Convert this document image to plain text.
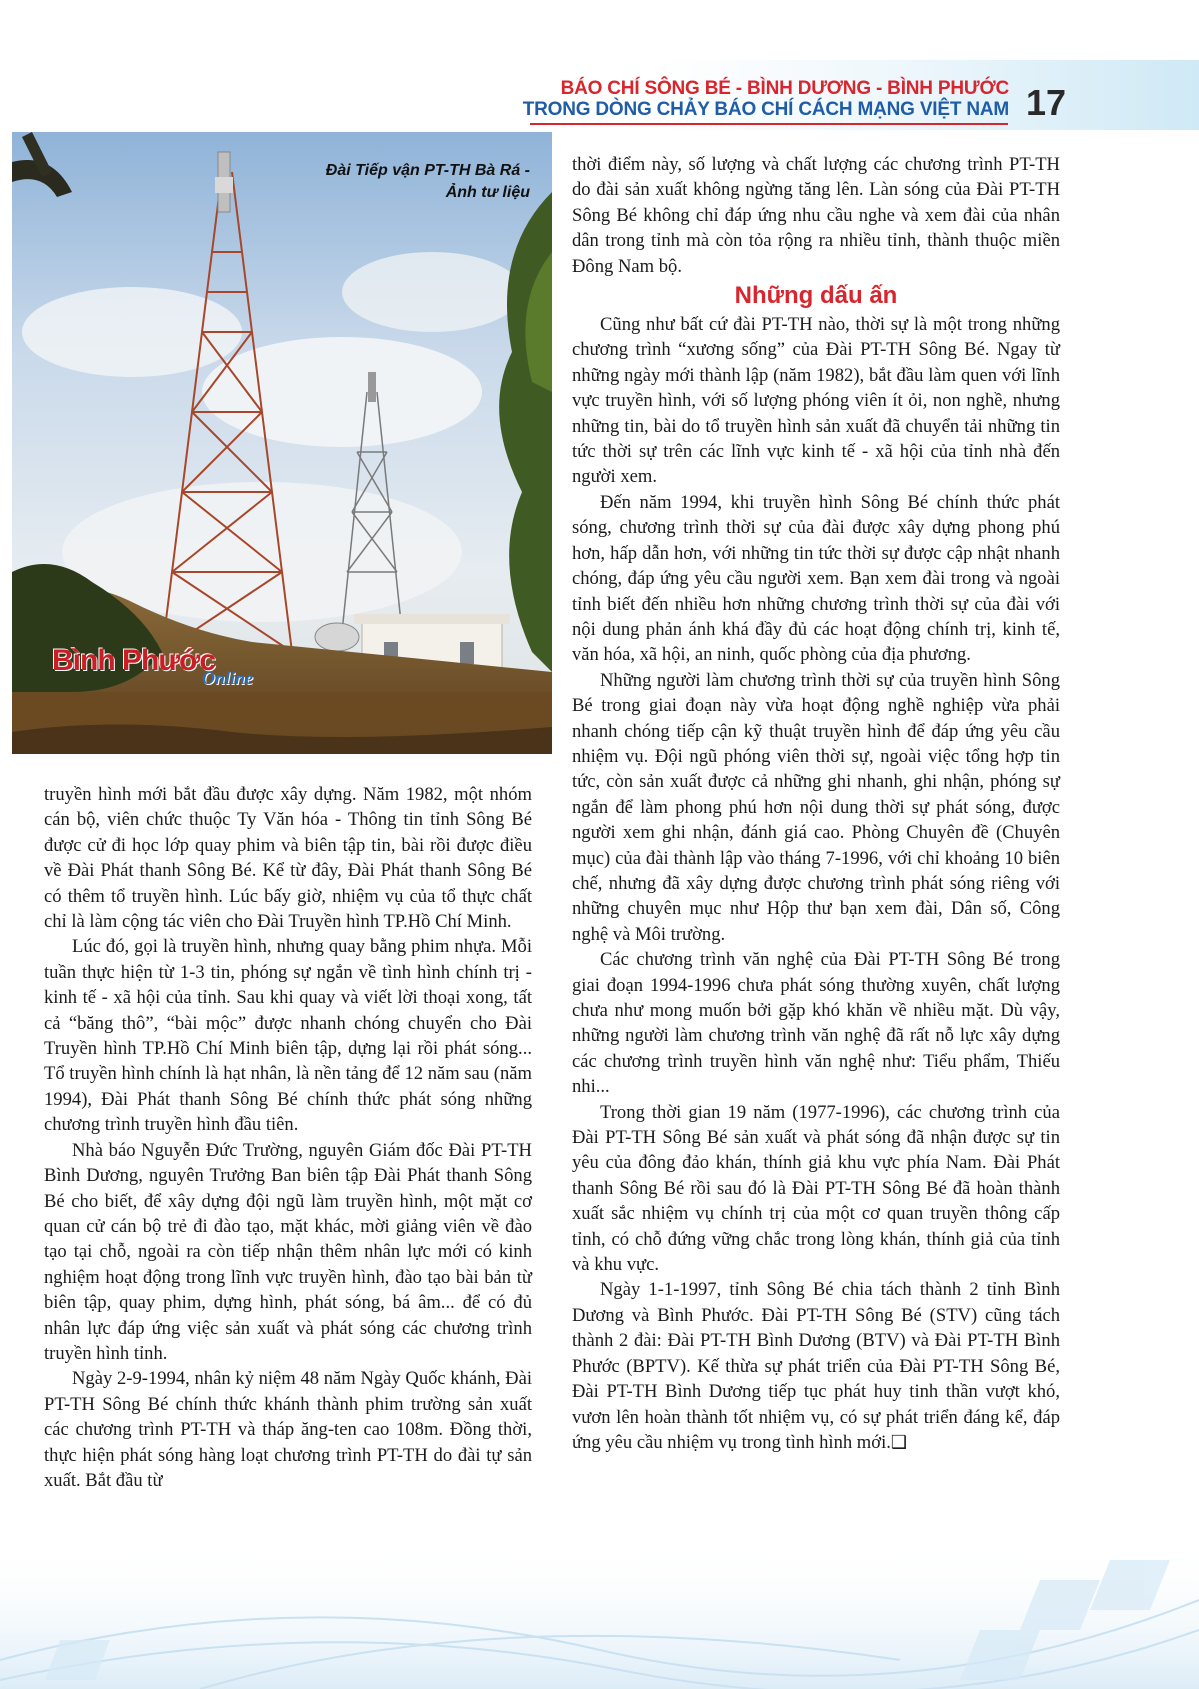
BÁO CHÍ SÔNG BÉ - BÌNH DƯƠNG - BÌNH PHƯỚC
TRONG DÒNG CHẢY BÁO CHÍ CÁCH MẠNG VIỆT NAM 17
Đài Tiếp vận PT-TH Bà Rá -
Ảnh tư liệu
Bình Phước
Online

truyền hình mới bắt đầu được xây dựng. Năm 1982, một nhóm cán bộ, viên chức thuộc Ty Văn hóa - Thông tin tỉnh Sông Bé được cử đi học lớp quay phim và biên tập tin, bài rồi được điều về Đài Phát thanh Sông Bé. Kể từ đây, Đài Phát thanh Sông Bé có thêm tổ truyền hình. Lúc bấy giờ, nhiệm vụ của tổ thực chất chỉ là làm cộng tác viên cho Đài Truyền hình TP.Hồ Chí Minh.

Lúc đó, gọi là truyền hình, nhưng quay bằng phim nhựa. Mỗi tuần thực hiện từ 1-3 tin, phóng sự ngắn về tình hình chính trị - kinh tế - xã hội của tỉnh. Sau khi quay và viết lời thoại xong, tất cả “băng thô”, “bài mộc” được nhanh chóng chuyển cho Đài Truyền hình TP.Hồ Chí Minh biên tập, dựng lại rồi phát sóng... Tổ truyền hình chính là hạt nhân, là nền tảng để 12 năm sau (năm 1994), Đài Phát thanh Sông Bé chính thức phát sóng những chương trình truyền hình đầu tiên.

Nhà báo Nguyễn Đức Trường, nguyên Giám đốc Đài PT-TH Bình Dương, nguyên Trưởng Ban biên tập Đài Phát thanh Sông Bé cho biết, để xây dựng đội ngũ làm truyền hình, một mặt cơ quan cử cán bộ trẻ đi đào tạo, mặt khác, mời giảng viên về đào tạo tại chỗ, ngoài ra còn tiếp nhận thêm nhân lực mới có kinh nghiệm hoạt động trong lĩnh vực truyền hình, đào tạo bài bản từ biên tập, quay phim, dựng hình, phát sóng, bá âm... để có đủ nhân lực đáp ứng việc sản xuất và phát sóng các chương trình truyền hình tỉnh.

Ngày 2-9-1994, nhân kỷ niệm 48 năm Ngày Quốc khánh, Đài PT-TH Sông Bé chính thức khánh thành phim trường sản xuất các chương trình PT-TH và tháp ăng-ten cao 108m. Đồng thời, thực hiện phát sóng hàng loạt chương trình PT-TH do đài tự sản xuất. Bắt đầu từ

thời điểm này, số lượng và chất lượng các chương trình PT-TH do đài sản xuất không ngừng tăng lên. Làn sóng của Đài PT-TH Sông Bé không chỉ đáp ứng nhu cầu nghe và xem đài của nhân dân trong tỉnh mà còn tỏa rộng ra nhiều tỉnh, thành thuộc miền Đông Nam bộ.

Những dấu ấn

Cũng như bất cứ đài PT-TH nào, thời sự là một trong những chương trình “xương sống” của Đài PT-TH Sông Bé. Ngay từ những ngày mới thành lập (năm 1982), bắt đầu làm quen với lĩnh vực truyền hình, với số lượng phóng viên ít ỏi, non nghề, nhưng những tin, bài do tổ truyền hình sản xuất đã chuyển tải những tin tức thời sự trên các lĩnh vực kinh tế - xã hội của tỉnh nhà đến người xem.

Đến năm 1994, khi truyền hình Sông Bé chính thức phát sóng, chương trình thời sự của đài được xây dựng phong phú hơn, hấp dẫn hơn, với những tin tức thời sự được cập nhật nhanh chóng, đáp ứng yêu cầu người xem. Bạn xem đài trong và ngoài tỉnh biết đến nhiều hơn những chương trình thời sự của đài với nội dung phản ánh khá đầy đủ các hoạt động chính trị, kinh tế, văn hóa, xã hội, an ninh, quốc phòng của địa phương.

Những người làm chương trình thời sự của truyền hình Sông Bé trong giai đoạn này vừa hoạt động nghề nghiệp vừa phải nhanh chóng tiếp cận kỹ thuật truyền hình để đáp ứng yêu cầu nhiệm vụ. Đội ngũ phóng viên thời sự, ngoài việc tổng hợp tin tức, còn sản xuất được cả những ghi nhanh, ghi nhận, phóng sự ngắn để làm phong phú hơn nội dung thời sự phát sóng, được người xem ghi nhận, đánh giá cao. Phòng Chuyên đề (Chuyên mục) của đài thành lập vào tháng 7-1996, với chỉ khoảng 10 biên chế, nhưng đã xây dựng được chương trình phát sóng riêng với những chuyên mục như Hộp thư bạn xem đài, Dân số, Công nghệ và Môi trường.

Các chương trình văn nghệ của Đài PT-TH Sông Bé trong giai đoạn 1994-1996 chưa phát sóng thường xuyên, chất lượng chưa như mong muốn bởi gặp khó khăn về nhiều mặt. Dù vậy, những người làm chương trình văn nghệ đã rất nỗ lực xây dựng các chương trình truyền hình văn nghệ như: Tiểu phẩm, Thiếu nhi...

Trong thời gian 19 năm (1977-1996), các chương trình của Đài PT-TH Sông Bé sản xuất và phát sóng đã nhận được sự tin yêu của đông đảo khán, thính giả khu vực phía Nam. Đài Phát thanh Sông Bé rồi sau đó là Đài PT-TH Sông Bé đã hoàn thành xuất sắc nhiệm vụ chính trị của một cơ quan truyền thông cấp tỉnh, có chỗ đứng vững chắc trong lòng khán, thính giả của tỉnh và khu vực.

Ngày 1-1-1997, tỉnh Sông Bé chia tách thành 2 tỉnh Bình Dương và Bình Phước. Đài PT-TH Sông Bé (STV) cũng tách thành 2 đài: Đài PT-TH Bình Dương (BTV) và Đài PT-TH Bình Phước (BPTV). Kế thừa sự phát triển của Đài PT-TH Sông Bé, Đài PT-TH Bình Dương tiếp tục phát huy tinh thần vượt khó, vươn lên hoàn thành tốt nhiệm vụ, có sự phát triển đáng kể, đáp ứng yêu cầu nhiệm vụ trong tình hình mới.❑
